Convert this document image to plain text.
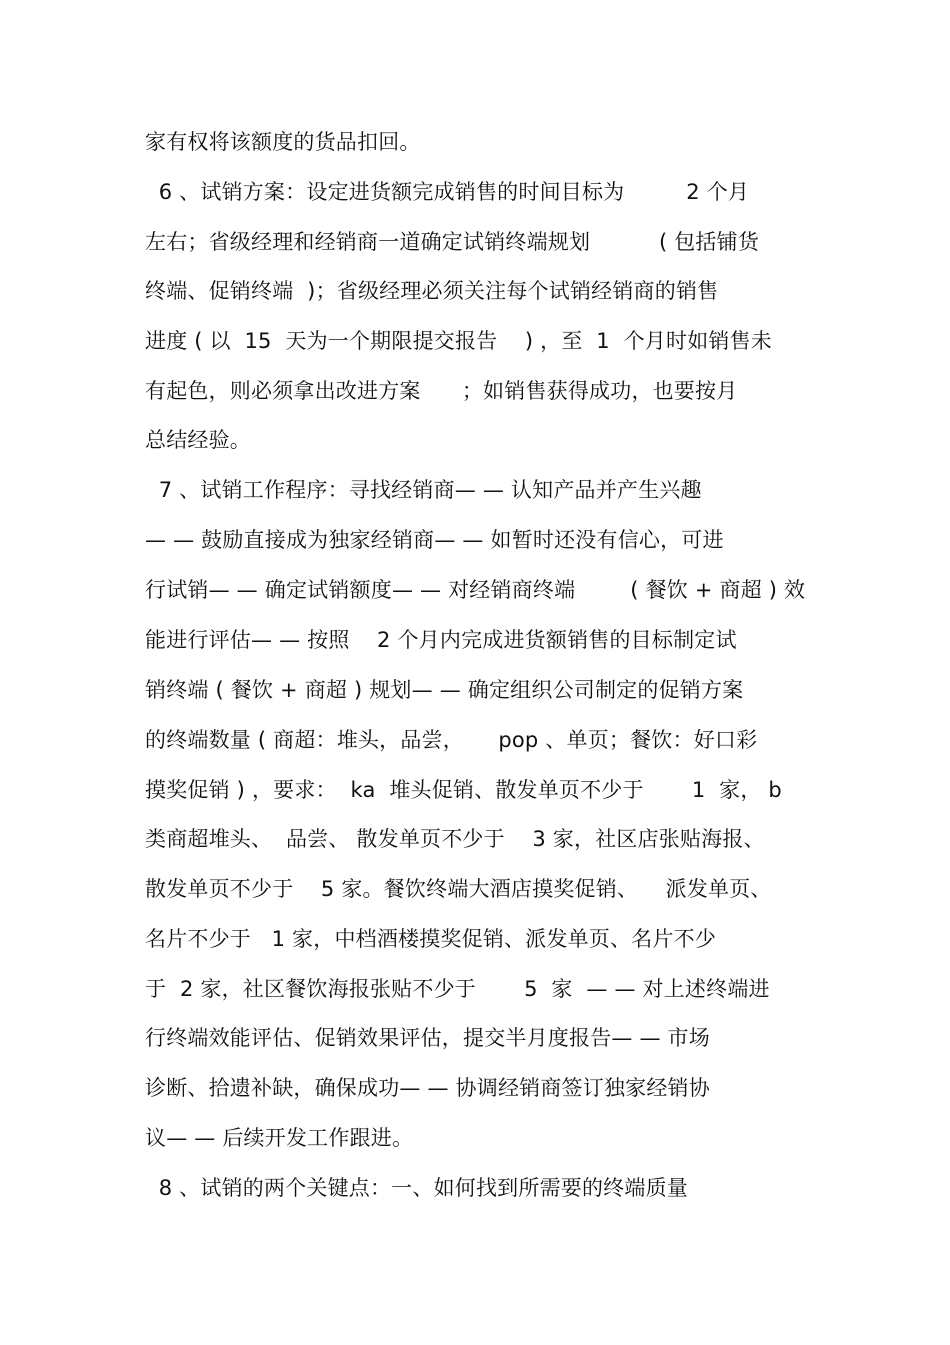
家有权将该额度的货品扣回。
6 、试销方案：设定进货额完成销售的时间目标为         2 个月
左右；省级经理和经销商一道确定试销终端规划          ( 包括铺货
终端、促销终端  )；省级经理必须关注每个试销经销商的销售
进度 ( 以  15  天为一个期限提交报告    ) ，至  1  个月时如销售未
有起色，则必须拿出改进方案      ；如销售获得成功，也要按月
总结经验。
7 、试销工作程序：寻找经销商— — 认知产品并产生兴趣
— — 鼓励直接成为独家经销商— — 如暂时还没有信心，可进
行试销— — 确定试销额度— — 对经销商终端        ( 餐饮 + 商超 ) 效
能进行评估— — 按照    2 个月内完成进货额销售的目标制定试
销终端 ( 餐饮 + 商超 ) 规划— — 确定组织公司制定的促销方案
的终端数量 ( 商超：堆头，品尝，     pop 、单页；餐饮：好口彩
摸奖促销 ) ，要求：  ka  堆头促销、散发单页不少于       1  家， b
类商超堆头、  品尝、 散发单页不少于    3 家，社区店张贴海报、
散发单页不少于    5 家。餐饮终端大酒店摸奖促销、    派发单页、
名片不少于   1 家，中档酒楼摸奖促销、派发单页、名片不少
于  2 家，社区餐饮海报张贴不少于       5  家  — — 对上述终端进
行终端效能评估、促销效果评估，提交半月度报告— — 市场
诊断、拾遗补缺，确保成功— — 协调经销商签订独家经销协
议— — 后续开发工作跟进。
8 、试销的两个关键点：一、如何找到所需要的终端质量
